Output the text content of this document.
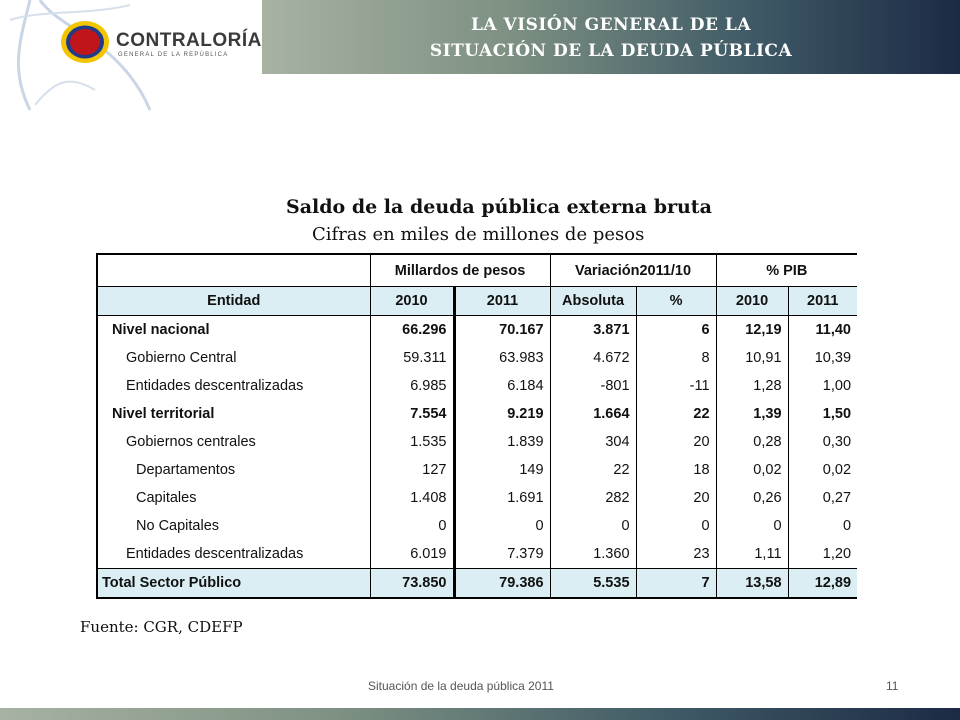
CONTRALORÍA
GENERAL DE LA REPÚBLICA
LA VISIÓN GENERAL DE LA
SITUACIÓN DE LA DEUDA PÚBLICA
Saldo de la deuda pública externa bruta
Cifras en miles de millones de pesos
	Millardos de pesos		Variación2011/10		% PIB	
Entidad	2010	2011	Absoluta	%	2010	2011
Nivel nacional	66.296	70.167	3.871	6	12,19	11,40
Gobierno Central	59.311	63.983	4.672	8	10,91	10,39
Entidades descentralizadas	6.985	6.184	-801	-11	1,28	1,00
Nivel territorial	7.554	9.219	1.664	22	1,39	1,50
Gobiernos centrales	1.535	1.839	304	20	0,28	0,30
Departamentos	127	149	22	18	0,02	0,02
Capitales	1.408	1.691	282	20	0,26	0,27
No Capitales	0	0	0	0	0	0
Entidades descentralizadas	6.019	7.379	1.360	23	1,11	1,20
Total Sector Público	73.850	79.386	5.535	7	13,58	12,89
Fuente: CGR, CDEFP
Situación de la deuda pública 2011	11
